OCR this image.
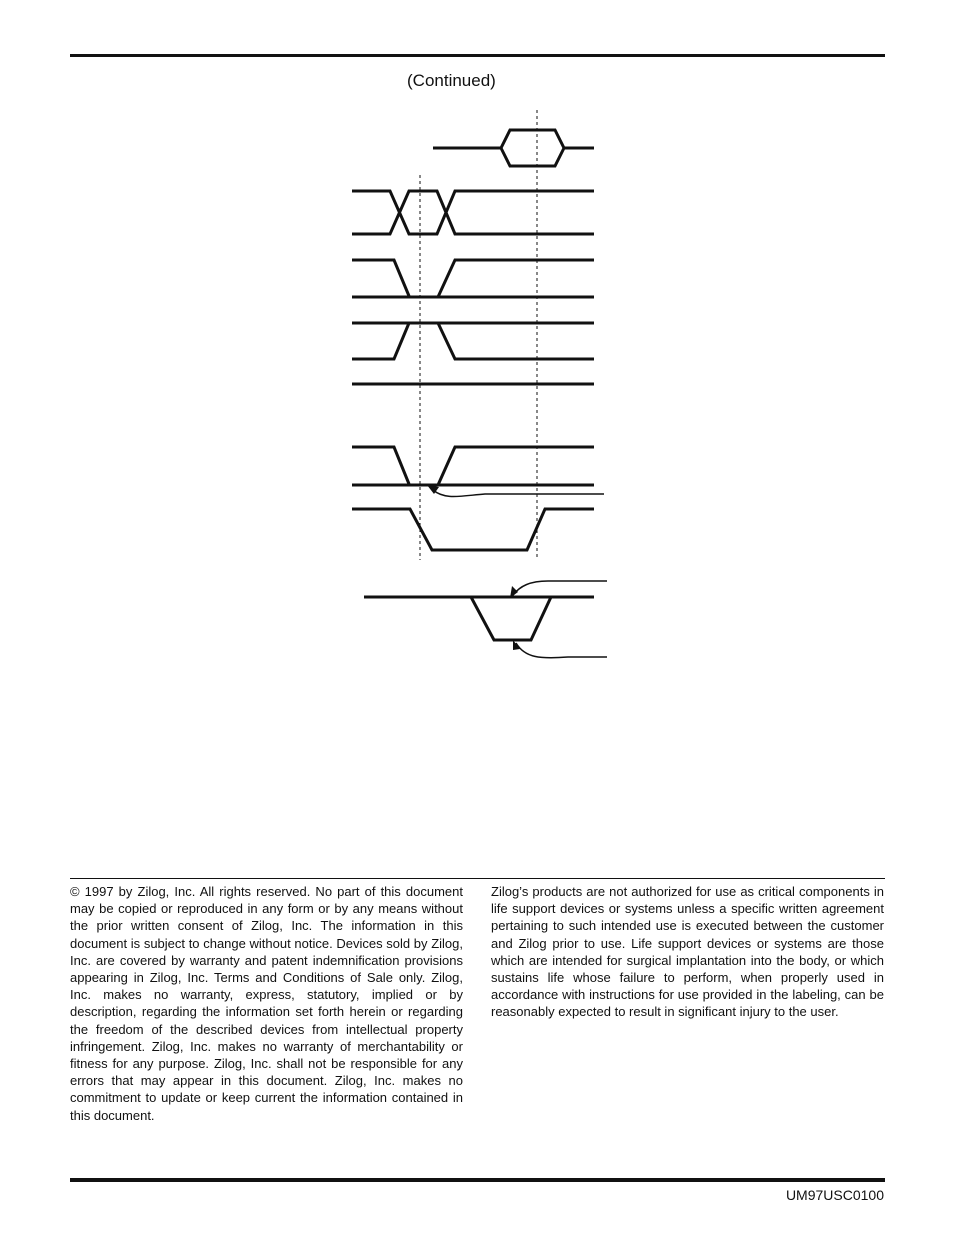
(Continued)
© 1997 by Zilog, Inc. All rights reserved. No part of this document may be copied or reproduced in any form or by any means without the prior written consent of Zilog, Inc. The information in this document is subject to change without notice. Devices sold by Zilog, Inc. are covered by warranty and patent indemnification provisions appearing in Zilog, Inc. Terms and Conditions of Sale only. Zilog, Inc. makes no warranty, express, statutory, implied or by description, regarding the information set forth herein or regarding the freedom of the described devices from intellectual property infringement. Zilog, Inc. makes no warranty of merchantability or fitness for any purpose. Zilog, Inc. shall not be responsible for any errors that may appear in this document. Zilog, Inc. makes no commitment to update or keep current the information contained in this document.
Zilog’s products are not authorized for use as critical components in life support devices or systems unless a specific written agreement pertaining to such intended use is executed between the customer and Zilog prior to use. Life support devices or systems are those which are intended for surgical implantation into the body, or which sustains life whose failure to perform, when properly used in accordance with instructions for use provided in the labeling, can be reasonably expected to result in significant injury to the user.
UM97USC0100
